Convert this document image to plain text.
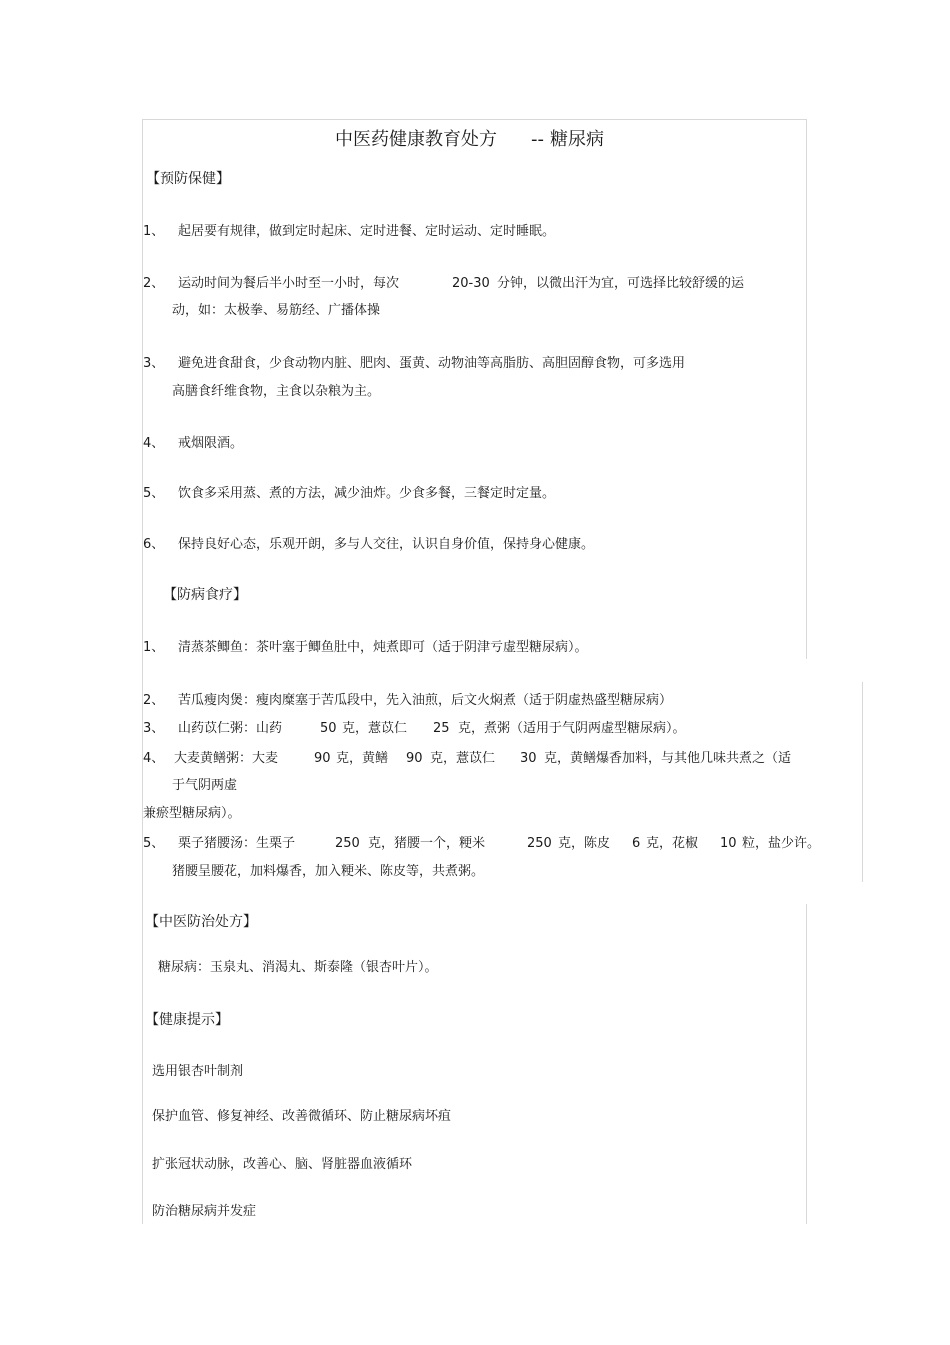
中医药健康教育处方 -- 糖尿病
【预防保健】
1、 起居要有规律，做到定时起床、定时进餐、定时运动、定时睡眠。
2、 运动时间为餐后半小时至一小时，每次	20-30 分钟，以微出汗为宜，可选择比较舒缓的运
动，如：太极拳、易筋经、广播体操
3、 避免进食甜食，少食动物内脏、肥肉、蛋黄、动物油等高脂肪、高胆固醇食物，可多选用
高膳食纤维食物，主食以杂粮为主。
4、 戒烟限酒。
5、 饮食多采用蒸、煮的方法，减少油炸。少食多餐，三餐定时定量。
6、 保持良好心态，乐观开朗，多与人交往，认识自身价值，保持身心健康。
【防病食疗】
1、 清蒸茶鲫鱼：茶叶塞于鲫鱼肚中，炖煮即可（适于阴津亏虚型糖尿病）。
2、 苦瓜瘦肉煲：瘦肉糜塞于苦瓜段中，先入油煎，后文火焖煮（适于阴虚热盛型糖尿病）
3、 山药苡仁粥：山药	50 克，薏苡仁 25 克，煮粥（适用于气阴两虚型糖尿病）。
4、 大麦黄鳝粥：大麦	90 克，黄鳝 90 克，薏苡仁 30 克，黄鳝爆香加料，与其他几味共煮之（适
于气阴两虚
兼瘀型糖尿病）。
5、 栗子猪腰汤：生栗子	250 克，猪腰一个，粳米	250 克，陈皮 6 克，花椒 10 粒，盐少许。
猪腰呈腰花，加料爆香，加入粳米、陈皮等，共煮粥。
【中医防治处方】
糖尿病：玉泉丸、消渴丸、斯泰隆（银杏叶片）。
【健康提示】
选用银杏叶制剂
保护血管、修复神经、改善微循环、防止糖尿病坏疽
扩张冠状动脉，改善心、脑、肾脏器血液循环
防治糖尿病并发症
